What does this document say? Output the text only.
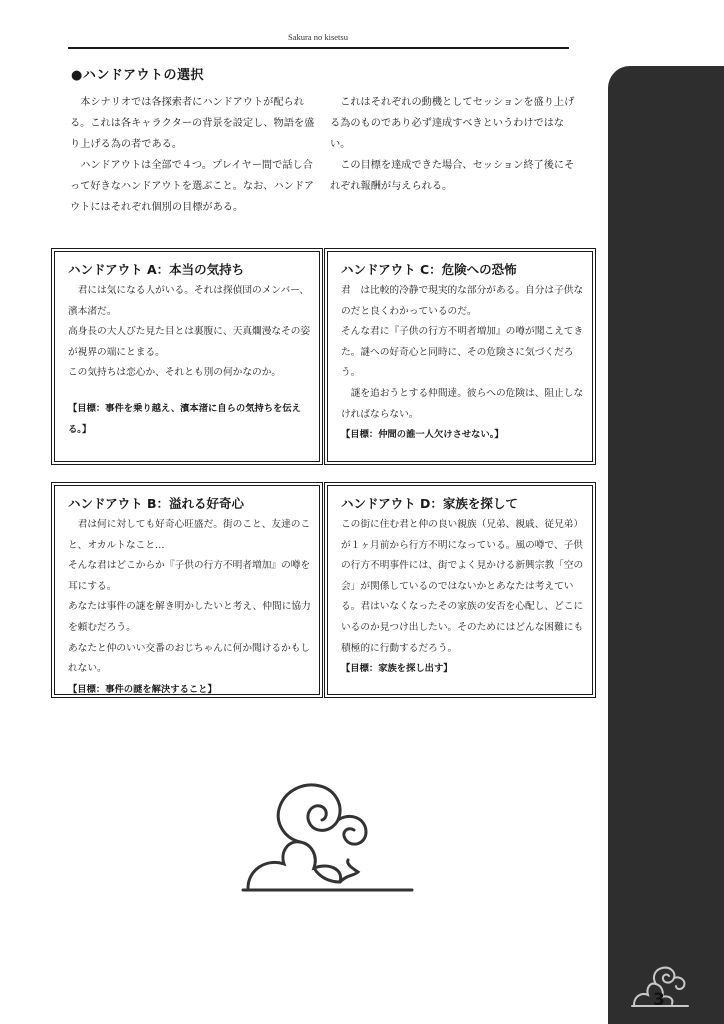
Sakura no kisetsu
●ハンドアウトの選択

本シナリオでは各探索者にハンドアウトが配られる。これは各キャラクターの背景を設定し、物語を盛り上げる為の者である。

ハンドアウトは全部で４つ。プレイヤー間で話し合って好きなハンドアウトを選ぶこと。なお、ハンドアウトにはそれぞれ個別の目標がある。

これはそれぞれの動機としてセッションを盛り上げる為のものであり必ず達成すべきというわけではない。

この目標を達成できた場合、セッション終了後にそれぞれ報酬が与えられる。

ハンドアウト A：本当の気持ち

君には気になる人がいる。それは探偵団のメンバー、濱本渚だ。

高身長の大人びた見た目とは裏腹に、天真爛漫なその姿が視界の端にとまる。

この気持ちは恋心か、それとも別の何かなのか。

【目標：事件を乗り越え、濱本渚に自らの気持ちを伝える。】
ハンドアウト C：危険への恐怖

君　は比較的冷静で現実的な部分がある。自分は子供なのだと良くわかっているのだ。

そんな君に『子供の行方不明者増加』の噂が聞こえてきた。謎への好奇心と同時に、その危険さに気づくだろう。

謎を追おうとする仲間達。彼らへの危険は、阻止しなければならない。

【目標：仲間の誰一人欠けさせない。】
ハンドアウト B：溢れる好奇心

君は何に対しても好奇心旺盛だ。街のこと、友達のこと、オカルトなこと…

そんな君はどこからか『子供の行方不明者増加』の噂を耳にする。

あなたは事件の謎を解き明かしたいと考え、仲間に協力を頼むだろう。

あなたと仲のいい交番のおじちゃんに何か聞けるかもしれない。

【目標：事件の謎を解決すること】
ハンドアウト D：家族を探して

この街に住む君と仲の良い親族（兄弟、親戚、従兄弟）が１ヶ月前から行方不明になっている。風の噂で、子供の行方不明事件には、街でよく見かける新興宗教「空の会」が関係しているのではないかとあなたは考えている。君はいなくなったその家族の安否を心配し、どこにいるのか見つけ出したい。そのためにはどんな困難にも積極的に行動するだろう。

【目標：家族を探し出す】
3
